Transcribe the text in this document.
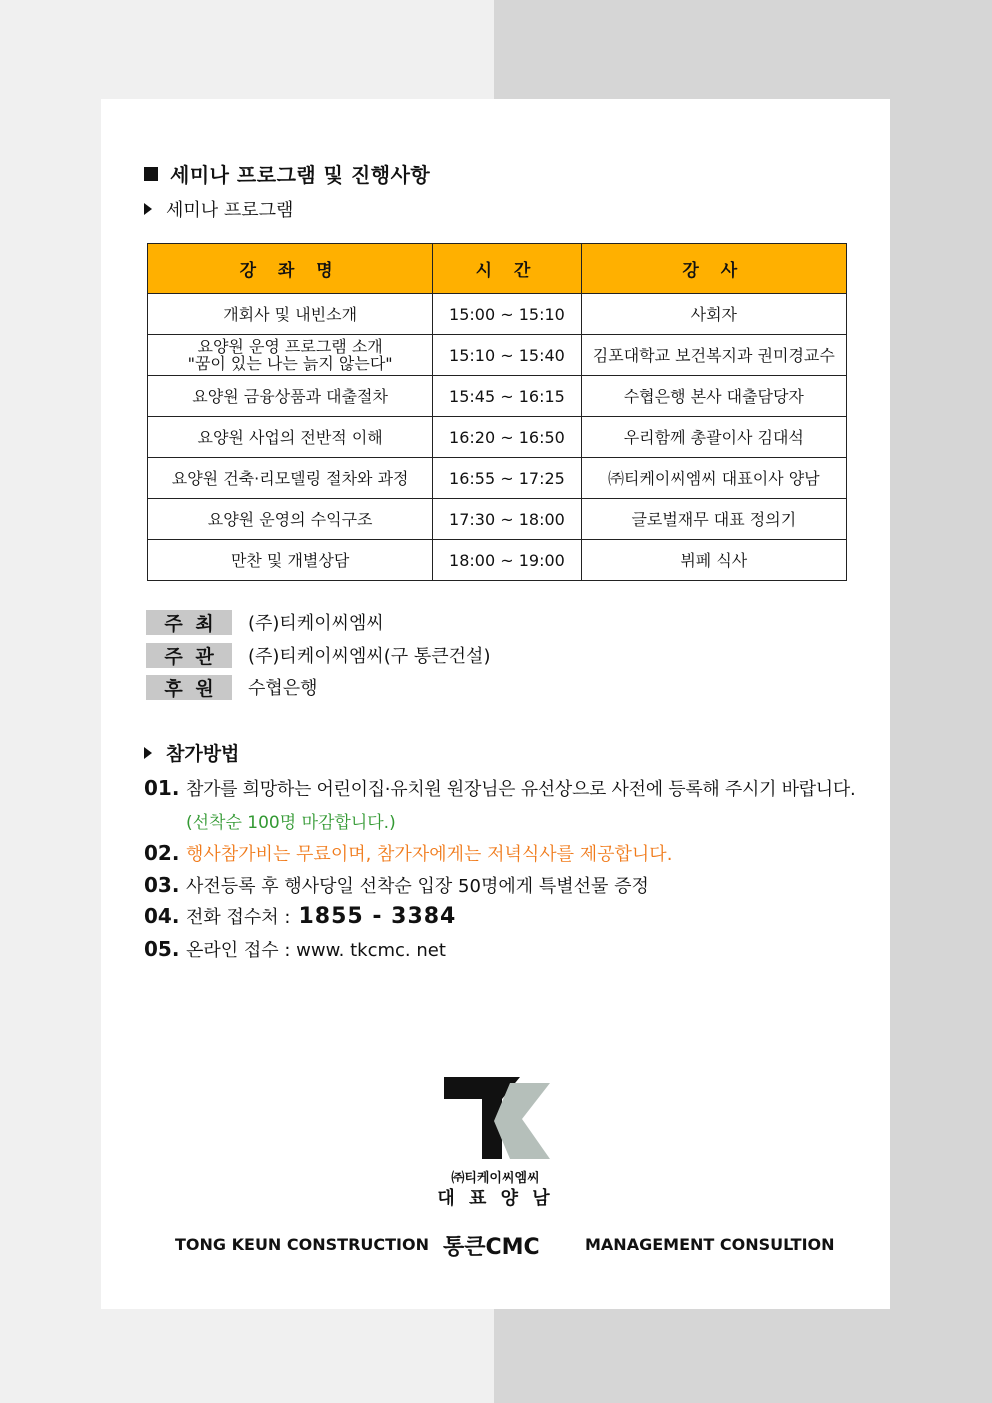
세미나 프로그램 및 진행사항
세미나 프로그램
강 좌 명	시 간	강 사
개회사 및 내빈소개	15:00 ~ 15:10	사회자
요양원 운영 프로그램 소개
"꿈이 있는 나는 늙지 않는다"	15:10 ~ 15:40	김포대학교 보건복지과 권미경교수
요양원 금융상품과 대출절차	15:45 ~ 16:15	수협은행 본사 대출담당자
요양원 사업의 전반적 이해	16:20 ~ 16:50	우리함께 총괄이사 김대석
요양원 건축·리모델링 절차와 과정	16:55 ~ 17:25	㈜티케이씨엠씨 대표이사 양남
요양원 운영의 수익구조	17:30 ~ 18:00	글로벌재무 대표 정의기
만찬 및 개별상담	18:00 ~ 19:00	뷔페 식사
주 최 (주)티케이씨엠씨
주 관 (주)티케이씨엠씨(구 통큰건설)
후 원 수협은행
참가방법
01. 참가를 희망하는 어린이집·유치원 원장님은 유선상으로 사전에 등록해 주시기 바랍니다.
(선착순 100명 마감합니다.)
02. 행사참가비는 무료이며, 참가자에게는 저녁식사를 제공합니다.
03. 사전등록 후 행사당일 선착순 입장 50명에게 특별선물 증정
04. 전화 접수처 : 1855 - 3384
05. 온라인 접수 : www. tkcmc. net
㈜티케이씨엠씨
대 표 양 남
TONG KEUN CONSTRUCTION 통큰CMC	MANAGEMENT CONSULTION
